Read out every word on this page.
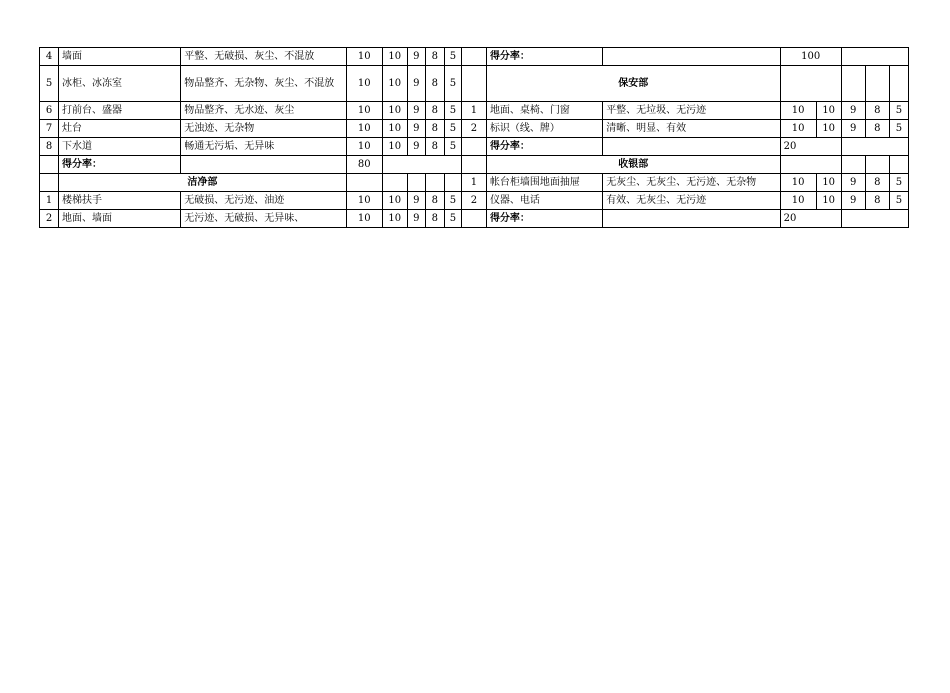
4	墙面	平整、无破损、灰尘、不混放	10	10	9	8	5		得分率：		100				
5	冰柜、冰冻室	物品整齐、无杂物、灰尘、不混放	10	10	9	8	5		保安部						
6	打前台、盛器	物品整齐、无水迹、灰尘	10	10	9	8	5	1	地面、桌椅、门窗	平整、无垃圾、无污迹	10	10	9	8	5
7	灶台	无浊迹、无杂物	10	10	9	8	5	2	标识（线、牌）	清晰、明显、有效	10	10	9	8	5
8	下水道	畅通无污垢、无异味	10	10	9	8	5		得分率：		20				
	得分率：		80						收银部						
	洁净部							1	帐台柜墙围地面抽屉	无灰尘、无灰尘、无污迹、无杂物	10	10	9	8	5
1	楼梯扶手	无破损、无污迹、油迹	10	10	9	8	5	2	仪器、电话	有效、无灰尘、无污迹	10	10	9	8	5
2	地面、墙面	无污迹、无破损、无异味、	10	10	9	8	5		得分率：		20				
